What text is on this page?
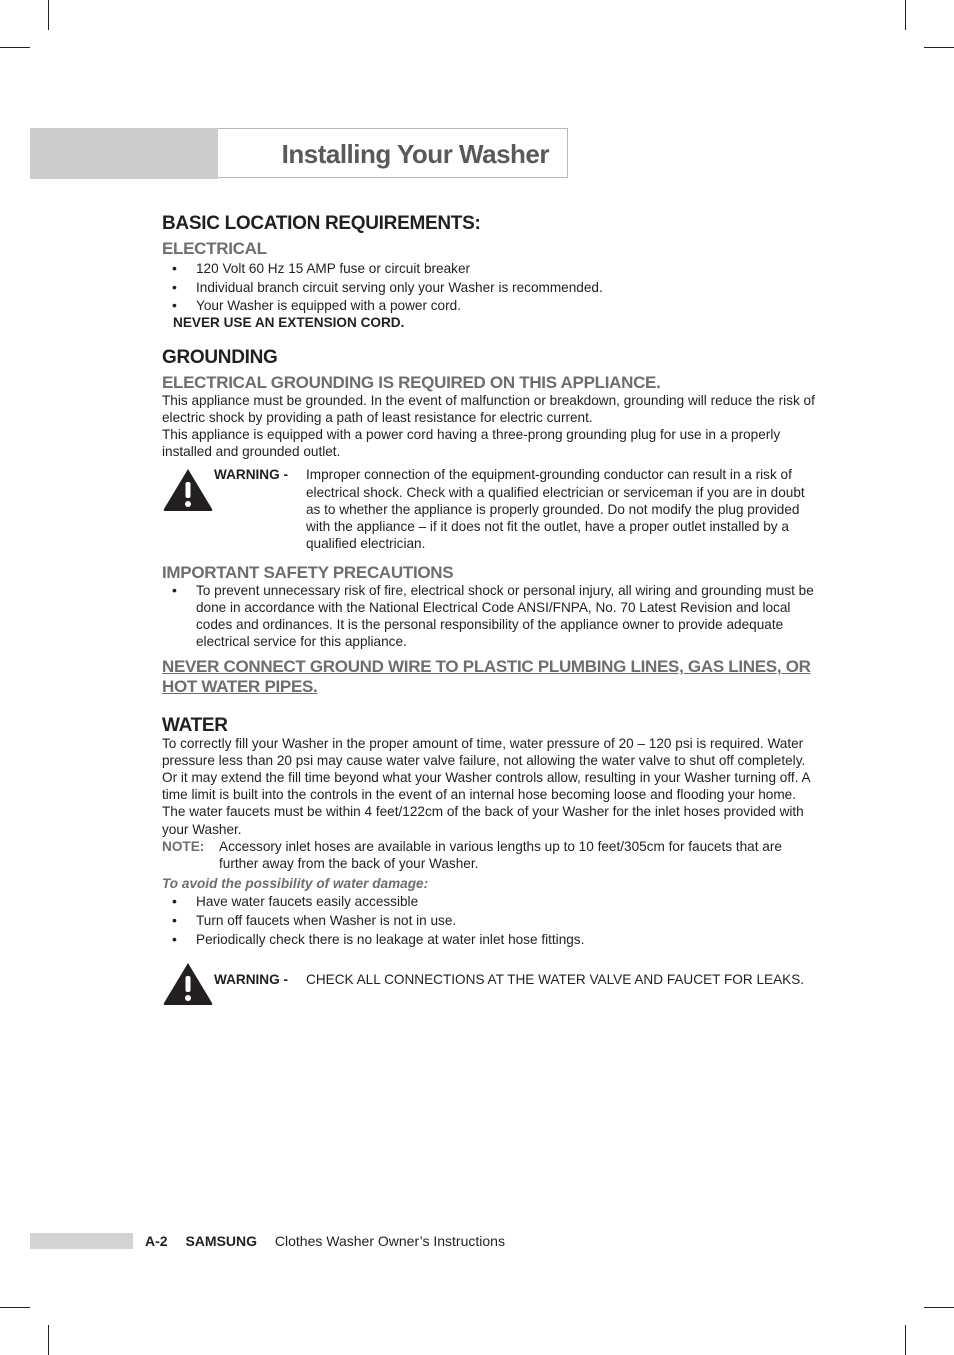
Installing Your Washer
BASIC LOCATION REQUIREMENTS:
ELECTRICAL
• 120 Volt 60 Hz 15 AMP fuse or circuit breaker
• Individual branch circuit serving only your Washer is recommended.
• Your Washer is equipped with a power cord.
NEVER USE AN EXTENSION CORD.
GROUNDING
ELECTRICAL GROUNDING IS REQUIRED ON THIS APPLIANCE.
This appliance must be grounded. In the event of malfunction or breakdown, grounding will reduce the risk of electric shock by providing a path of least resistance for electric current.
This appliance is equipped with a power cord having a three-prong grounding plug for use in a properly installed and grounded outlet.
WARNING -	Improper connection of the equipment-grounding conductor can result in a risk of electrical shock. Check with a qualified electrician or serviceman if you are in doubt as to whether the appliance is properly grounded. Do not modify the plug provided with the appliance – if it does not fit the outlet, have a proper outlet installed by a qualified electrician.
IMPORTANT SAFETY PRECAUTIONS
• To prevent unnecessary risk of fire, electrical shock or personal injury, all wiring and grounding must be done in accordance with the National Electrical Code ANSI/FNPA, No. 70 Latest Revision and local codes and ordinances. It is the personal responsibility of the appliance owner to provide adequate electrical service for this appliance.
NEVER CONNECT GROUND WIRE TO PLASTIC PLUMBING LINES, GAS LINES, OR HOT WATER PIPES.
WATER
To correctly fill your Washer in the proper amount of time, water pressure of 20 – 120 psi is required. Water pressure less than 20 psi may cause water valve failure, not allowing the water valve to shut off completely. Or it may extend the fill time beyond what your Washer controls allow, resulting in your Washer turning off. A time limit is built into the controls in the event of an internal hose becoming loose and flooding your home.
The water faucets must be within 4 feet/122cm of the back of your Washer for the inlet hoses provided with your Washer.
NOTE:	Accessory inlet hoses are available in various lengths up to 10 feet/305cm for faucets that are further away from the back of your Washer.
To avoid the possibility of water damage:
• Have water faucets easily accessible
• Turn off faucets when Washer is not in use.
• Periodically check there is no leakage at water inlet hose fittings.
WARNING -	CHECK ALL CONNECTIONS AT THE WATER VALVE AND FAUCET FOR LEAKS.
A-2 SAMSUNG Clothes Washer Owner’s Instructions
